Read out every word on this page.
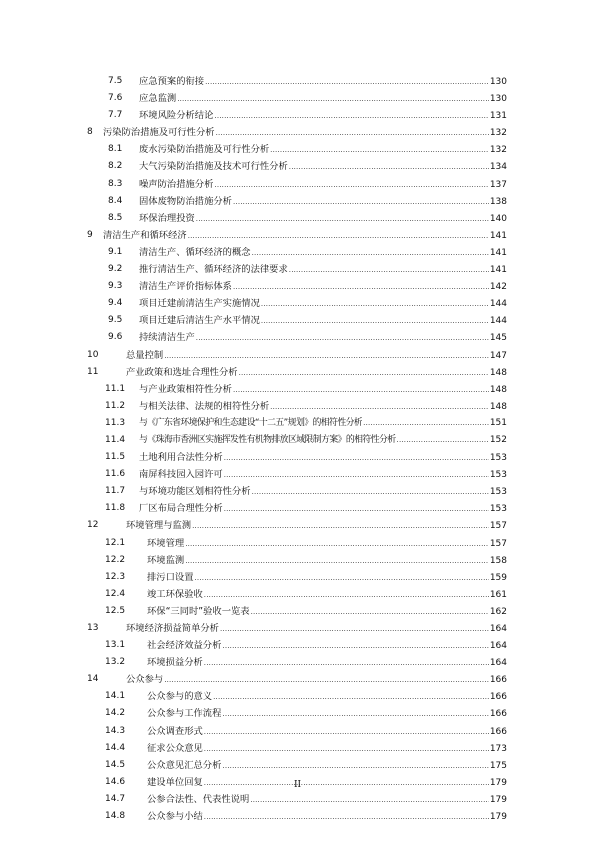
7.5 应急预案的衔接 .....	130
7.6 应急监测 .....	130
7.7 环境风险分析结论 .....	131
8 污染防治措施及可行性分析 .....	132
8.1 废水污染防治措施及可行性分析 .....	132
8.2 大气污染防治措施及技术可行性分析 .....	134
8.3 噪声防治措施分析 .....	137
8.4 固体废物防治措施分析 .....	138
8.5 环保治理投资 .....	140
9 清洁生产和循环经济 .....	141
9.1 清洁生产、循环经济的概念 .....	141
9.2 推行清洁生产、循环经济的法律要求 .....	141
9.3 清洁生产评价指标体系 .....	142
9.4 项目迁建前清洁生产实施情况 .....	144
9.5 项目迁建后清洁生产水平情况 .....	144
9.6 持续清洁生产 .....	145
10	总量控制 .....	147
11	产业政策和选址合理性分析 .....	148
11.1 与产业政策相符性分析 .....	148
11.2 与相关法律、法规的相符性分析 .....	148
11.3 与《广东省环境保护和生态建设“十二五”规划》的相符性分析 .....	151
11.4 与《珠海市香洲区实施挥发性有机物排放区域限制方案》的相符性分析 .....	152
11.5 土地利用合法性分析 .....	153
11.6 南屏科技园入园许可 .....	153
11.7 与环境功能区划相符性分析 .....	153
11.8 厂区布局合理性分析 .....	153
12	环境管理与监测 .....	157
12.1 环境管理 .....	157
12.2 环境监测 .....	158
12.3 排污口设置 .....	159
12.4 竣工环保验收 .....	161
12.5 环保“三同时”验收一览表 .....	162
13	环境经济损益简单分析 .....	164
13.1 社会经济效益分析 .....	164
13.2 环境损益分析 .....	164
14	公众参与 .....	166
14.1 公众参与的意义 .....	166
14.2 公众参与工作流程 .....	166
14.3 公众调查形式 .....	166
14.4 征求公众意见 .....	173
14.5 公众意见汇总分析 .....	175
14.6 建设单位回复 .....	179
14.7 公参合法性、代表性说明 .....	179
14.8 公众参与小结 .....	179
II
